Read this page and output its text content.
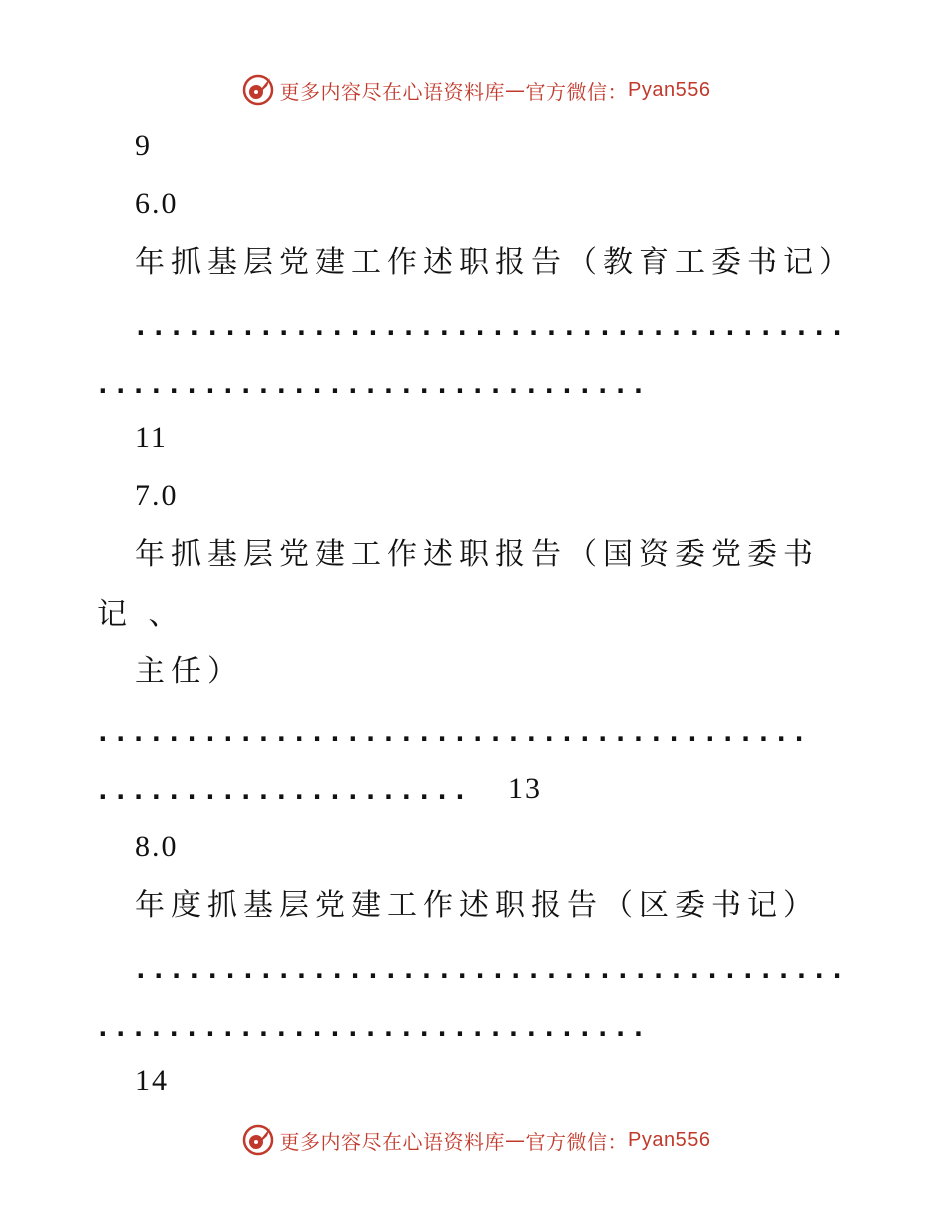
更多内容尽在心语资料库 — 官方微信： Pyan556
9
6.0
年抓基层党建工作述职报告（教育工委书记）
........................................
...............................
11
7.0
年抓基层党建工作述职报告（国资委党委书
记 、
主任）
........................................
..................... 13
8.0
年度抓基层党建工作述职报告（区委书记）
........................................
...............................
14
更多内容尽在心语资料库 — 官方微信： Pyan556
